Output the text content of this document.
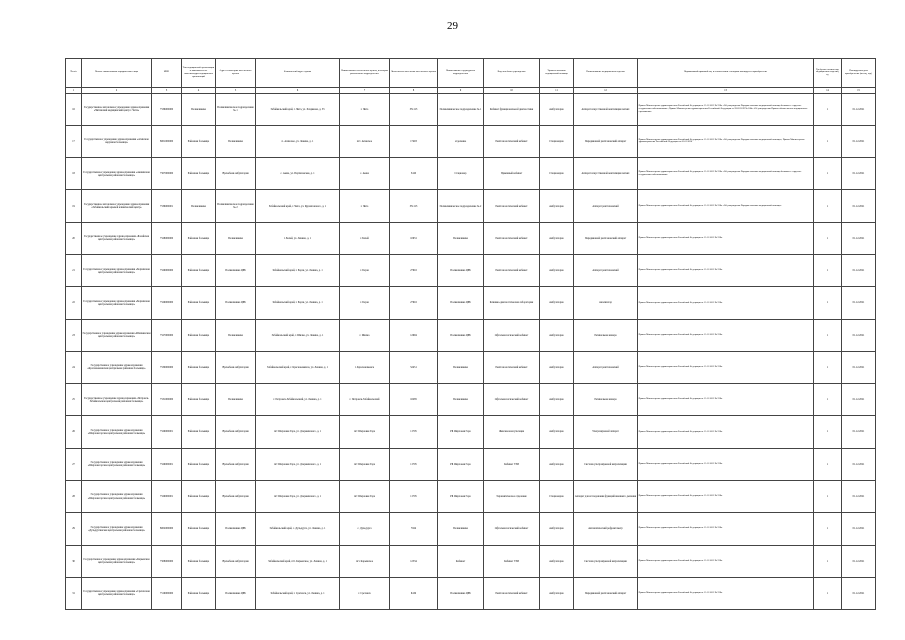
29
№ п/п	Полное наименование юридического лица	ИНН	Тип медицинской организации в зависимости от номенклатуры медицинских организаций	Адрес и категория населенного пункта	Фактический адрес здания	Наименование населенного пункта, в котором расположено подразделение	Численность населения населенного пункта	Наименование структурного подразделения	Вид лечебного учреждения	Уровень оказания медицинской помощи	Наименование медицинского изделия	Нормативный правовой акт, в соответствии с которым планируется приобретение	Требуемое количество медицинских изделий, ед.	Планируемая дата приобретения (месяц, год)
1	2	3	4	5	6	7	8	9	10	11	12	13	14	15
16	Государственное автономное учреждение здравоохранения «Читинский медицинский центр г. Чита»	7536000000	Поликлиника	Поликлиническое подразделение № 1	Забайкальский край, г. Чита, ул. Хохрякова, д. 53	г. Чита	351113	Поликлиническое подразделение № 1	Кабинет функциональной диагностики	Амбулаторно	Аппарат искусственной вентиляции легких	Приказ Министерства здравоохранения Российской Федерации от 15.11.2012 № 918н «Об утверждении Порядка оказания медицинской помощи больным с сердечно-сосудистыми заболеваниями»; Приказ Министерства здравоохранения Российской Федерации от 28.02.2019 № 108н «Об утверждении Правил обязательного медицинского страхования»	1	01.12.2021
17	Государственное учреждение здравоохранения «Агинская окружная больница»	8001000000	Районная больница	Поликлиника	п. Агинское, ул. Ленина, д. 1	пгт. Агинское	17493	отделение	Рентгенологический кабинет	Стационарно	Передвижной рентгеновский аппарат	Приказ Министерства здравоохранения Российской Федерации от 15.11.2012 № 918н «Об утверждении Порядка оказания медицинской помощи»; Приказ Министерства здравоохранения Российской Федерации от 01.01.2020	1	01.12.2021
18	Государственное учреждение здравоохранения «Акшинская центральная районная больница»	7507000000	Районная больница	Врачебная амбулатория	с. Акша, ул. Партизанская, д. 1	с. Акша	3410	Стационар	Приемный кабинет	Стационарно	Аппарат искусственной вентиляции легких	Приказ Министерства здравоохранения Российской Федерации от 15.11.2012 № 918н «Об утверждении Порядка оказания медицинской помощи больным с сердечно-сосудистыми заболеваниями»	1	01.12.2021
19	Государственное автономное учреждение здравоохранения «Забайкальский краевой клинический центр»	7536000001	Поликлиника	Поликлиническое подразделение № 2	Забайкальский край, г. Чита, ул. Курнатовского, д. 1	г. Чита	351113	Поликлиническое подразделение № 2	Рентгенологический кабинет	Амбулаторно	Аппарат рентгеновский	Приказ Министерства здравоохранения Российской Федерации от 15.11.2012 № 918н «Об утверждении Порядка оказания медицинской помощи»	1	01.12.2021
20	Государственное учреждение здравоохранения «Балейская центральная районная больница»	7528000000	Районная больница	Поликлиника	г. Балей, ул. Ленина, д. 1	г. Балей	10931	Поликлиника	Рентгенологический кабинет	Амбулаторно	Передвижной рентгеновский аппарат	Приказ Министерства здравоохранения Российской Федерации от 15.11.2012 № 918н	1	01.12.2021
21	Государственное учреждение здравоохранения «Борзинская центральная районная больница»	7529000000	Районная больница	Поликлиника ЦРБ	Забайкальский край, г. Борзя, ул. Ленина, д. 1	г. Борзя	27916	Поликлиника ЦРБ	Рентгенологический кабинет	Амбулаторно	Аппарат рентгеновский	Приказ Министерства здравоохранения Российской Федерации от 15.11.2012 № 918н	1	01.12.2021
22	Государственное учреждение здравоохранения «Борзинская центральная районная больница»	7529000000	Районная больница	Поликлиника ЦРБ	Забайкальский край, г. Борзя, ул. Ленина, д. 1	г. Борзя	27916	Поликлиника ЦРБ	Клинико-диагностическая лаборатория	Амбулаторно	Анализатор	Приказ Министерства здравоохранения Российской Федерации от 15.11.2012 № 918н	1	01.12.2021
23	Государственное учреждение здравоохранения «Шилкинская центральная районная больница»	7527000000	Районная больница	Поликлиника	Забайкальский край, г. Шилка, ул. Ленина, д. 1	г. Шилка	12994	Поликлиника ЦРБ	Офтальмологический кабинет	Амбулаторно	Ретинальная камера	Приказ Министерства здравоохранения Российской Федерации от 15.11.2012 № 918н	1	01.12.2021
24	Государственное учреждение здравоохранения «Краснокаменская центральная районная больница»	7530000000	Районная больница	Врачебная амбулатория	Забайкальский край, г. Краснокаменск, ул. Ленина, д. 1	г. Краснокаменск	52451	Поликлиника	Рентгенологический кабинет	Амбулаторно	Аппарат рентгеновский	Приказ Министерства здравоохранения Российской Федерации от 15.11.2012 № 918н	1	01.12.2021
25	Государственное учреждение здравоохранения «Петровск-Забайкальская центральная районная больница»	7531000000	Районная больница	Поликлиника	г. Петровск-Забайкальский, ул. Ленина, д. 1	г. Петровск-Забайкальский	16285	Поликлиника	Офтальмологический кабинет	Амбулаторно	Ретинальная камера	Приказ Министерства здравоохранения Российской Федерации от 15.11.2012 № 918н	1	01.12.2021
26	Государственное учреждение здравоохранения «Шерловогорская центральная районная больница»	7529000001	Районная больница	Врачебная амбулатория	пгт Шерловая Гора, ул. Дзержинского, д. 1	пгт Шерловая Гора	11705	РБ Шерловая Гора	Женская консультация	Амбулаторно	Ультразвуковой аппарат	Приказ Министерства здравоохранения Российской Федерации от 15.11.2012 № 918н	1	01.12.2021
27	Государственное учреждение здравоохранения «Шерловогорская центральная районная больница»	7529000001	Районная больница	Врачебная амбулатория	пгт Шерловая Гора, ул. Дзержинского, д. 1	пгт Шерловая Гора	11705	РБ Шерловая Гора	Кабинет УЗИ	Амбулаторно	Система ультразвуковой визуализации	Приказ Министерства здравоохранения Российской Федерации от 15.11.2012 № 918н	1	01.12.2021
28	Государственное учреждение здравоохранения «Шерловогорская центральная районная больница»	7529000001	Районная больница	Врачебная амбулатория	пгт Шерловая Гора, ул. Дзержинского, д. 1	пгт Шерловая Гора	11705	РБ Шерловая Гора	Терапевтическое отделение	Стационарно	Аппарат для исследования функций внешнего дыхания	Приказ Министерства здравоохранения Российской Федерации от 15.11.2012 № 918н	1	01.12.2021
29	Государственное учреждение здравоохранения «Дульдургинская центральная районная больница»	8002000000	Районная больница	Поликлиника ЦРБ	Забайкальский край, с. Дульдурга, ул. Ленина, д. 1	с. Дульдурга	7024	Поликлиника	Офтальмологический кабинет	Амбулаторно	Автоматический рефрактометр	Приказ Министерства здравоохранения Российской Федерации от 15.11.2012 № 918н	1	01.12.2021
30	Государственное учреждение здравоохранения «Карымская центральная районная больница»	7508000000	Районная больница	Врачебная амбулатория	Забайкальский край, пгт. Карымское, ул. Ленина, д. 1	пгт. Карымское	12534	Кабинет	Кабинет УЗИ	Амбулаторно	Система ультразвуковой визуализации	Приказ Министерства здравоохранения Российской Федерации от 15.11.2012 № 918н	1	01.12.2021
31	Государственное учреждение здравоохранения «Сретенская центральная районная больница»	7519000000	Районная больница	Поликлиника ЦРБ	Забайкальский край, г. Сретенск, ул. Ленина, д. 1	г. Сретенск	6419	Поликлиника ЦРБ	Рентгенологический кабинет	Амбулаторно	Передвижной рентгеновский аппарат	Приказ Министерства здравоохранения Российской Федерации от 15.11.2012 № 918н	1	01.12.2021
